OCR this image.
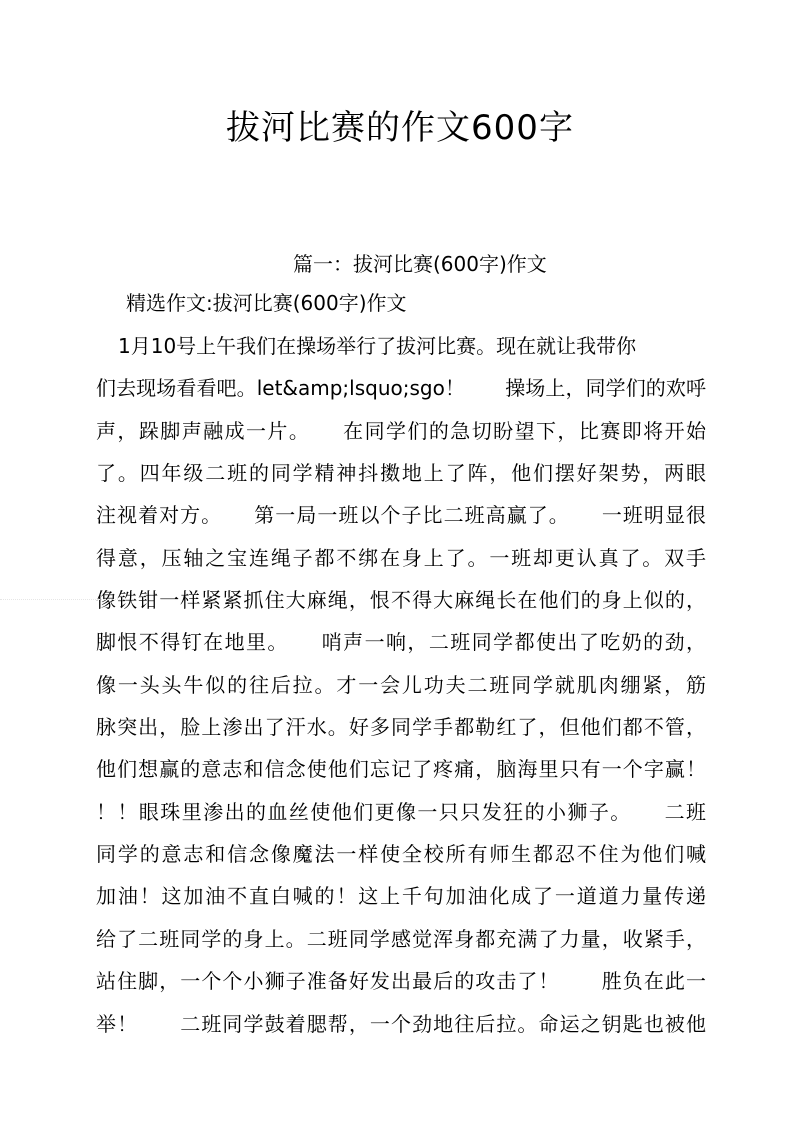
拔河比赛的作文600字
篇一：拔河比赛(600字)作文
精选作文:拔河比赛(600字)作文
1月10号上午我们在操场举行了拔河比赛。现在就让我带你
们去现场看看吧。let&amp;lsquo;sgo！　　操场上，同学们的欢呼
声，跺脚声融成一片。　　在同学们的急切盼望下，比赛即将开始
了。四年级二班的同学精神抖擞地上了阵，他们摆好架势，两眼
注视着对方。　　第一局一班以个子比二班高赢了。　　一班明显很
得意，压轴之宝连绳子都不绑在身上了。一班却更认真了。双手
像铁钳一样紧紧抓住大麻绳，恨不得大麻绳长在他们的身上似的，
脚恨不得钉在地里。　　哨声一响，二班同学都使出了吃奶的劲，
像一头头牛似的往后拉。才一会儿功夫二班同学就肌肉绷紧，筋
脉突出，脸上渗出了汗水。好多同学手都勒红了，但他们都不管，
他们想赢的意志和信念使他们忘记了疼痛，脑海里只有一个字赢！
！！眼珠里渗出的血丝使他们更像一只只发狂的小狮子。　　二班
同学的意志和信念像魔法一样使全校所有师生都忍不住为他们喊
加油！这加油不直白喊的！这上千句加油化成了一道道力量传递
给了二班同学的身上。二班同学感觉浑身都充满了力量，收紧手，
站住脚，一个个小狮子准备好发出最后的攻击了！　　胜负在此一
举！　　二班同学鼓着腮帮，一个劲地往后拉。命运之钥匙也被他
